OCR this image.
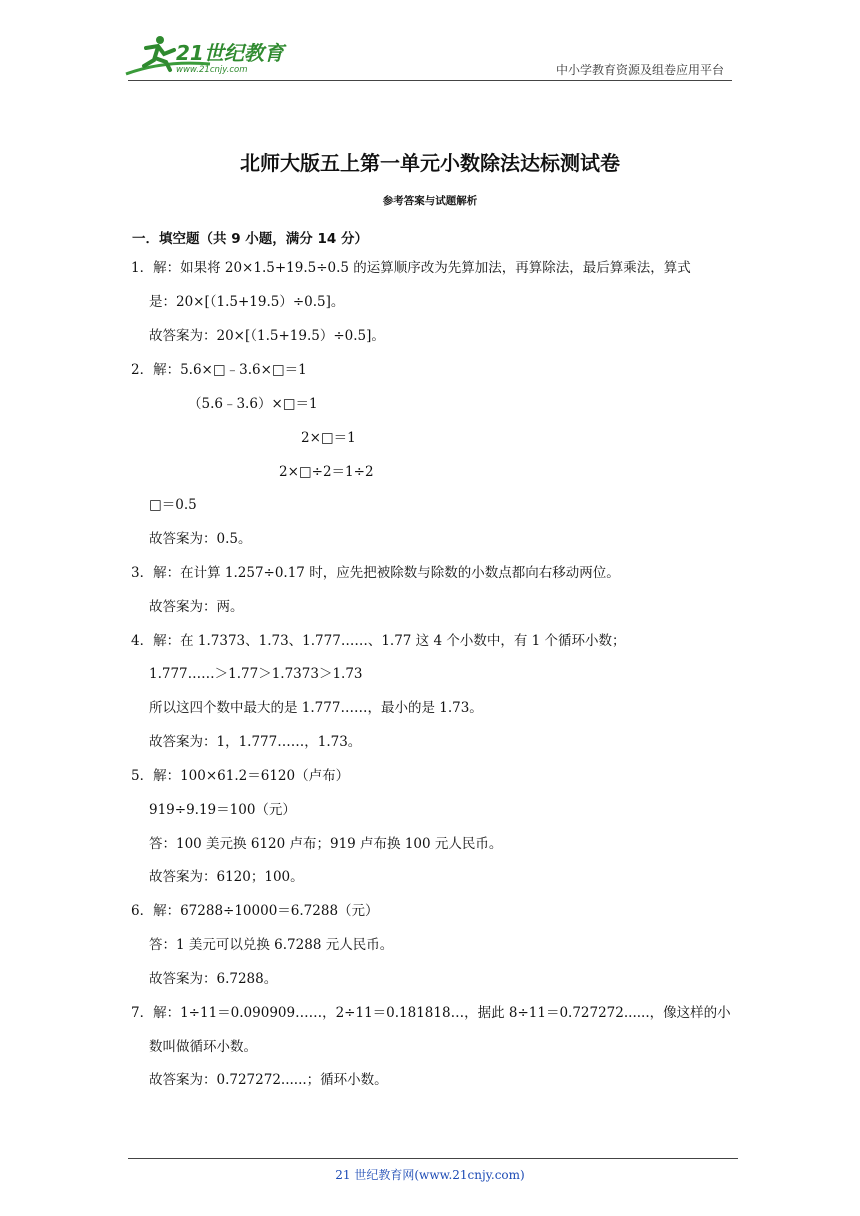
21世纪教育
www.21cnjy.com	中小学教育资源及组卷应用平台
北师大版五上第一单元小数除法达标测试卷
参考答案与试题解析
一．填空题（共 9 小题，满分 14 分）
1．解：如果将 20×1.5+19.5÷0.5 的运算顺序改为先算加法，再算除法，最后算乘法，算式
是：20×[（1.5+19.5）÷0.5]。
故答案为：20×[（1.5+19.5）÷0.5]。
2．解：5.6×□﹣3.6×□＝1
（5.6﹣3.6）×□＝1
2×□＝1
2×□÷2＝1÷2
□＝0.5
故答案为：0.5。
3．解：在计算 1.257÷0.17 时，应先把被除数与除数的小数点都向右移动两位。
故答案为：两。
4．解：在 1.7373、1.73、1.777……、1.77 这 4 个小数中，有 1 个循环小数；
1.777……＞1.77＞1.7373＞1.73
所以这四个数中最大的是 1.777……，最小的是 1.73。
故答案为：1，1.777……，1.73。
5．解：100×61.2＝6120（卢布）
919÷9.19＝100（元）
答：100 美元换 6120 卢布；919 卢布换 100 元人民币。
故答案为：6120；100。
6．解：67288÷10000＝6.7288（元）
答：1 美元可以兑换 6.7288 元人民币。
故答案为：6.7288。
7．解：1÷11＝0.090909……，2÷11＝0.181818…，据此 8÷11＝0.727272......，像这样的小
数叫做循环小数。
故答案为：0.727272......；循环小数。
21 世纪教育网(www.21cnjy.com)
